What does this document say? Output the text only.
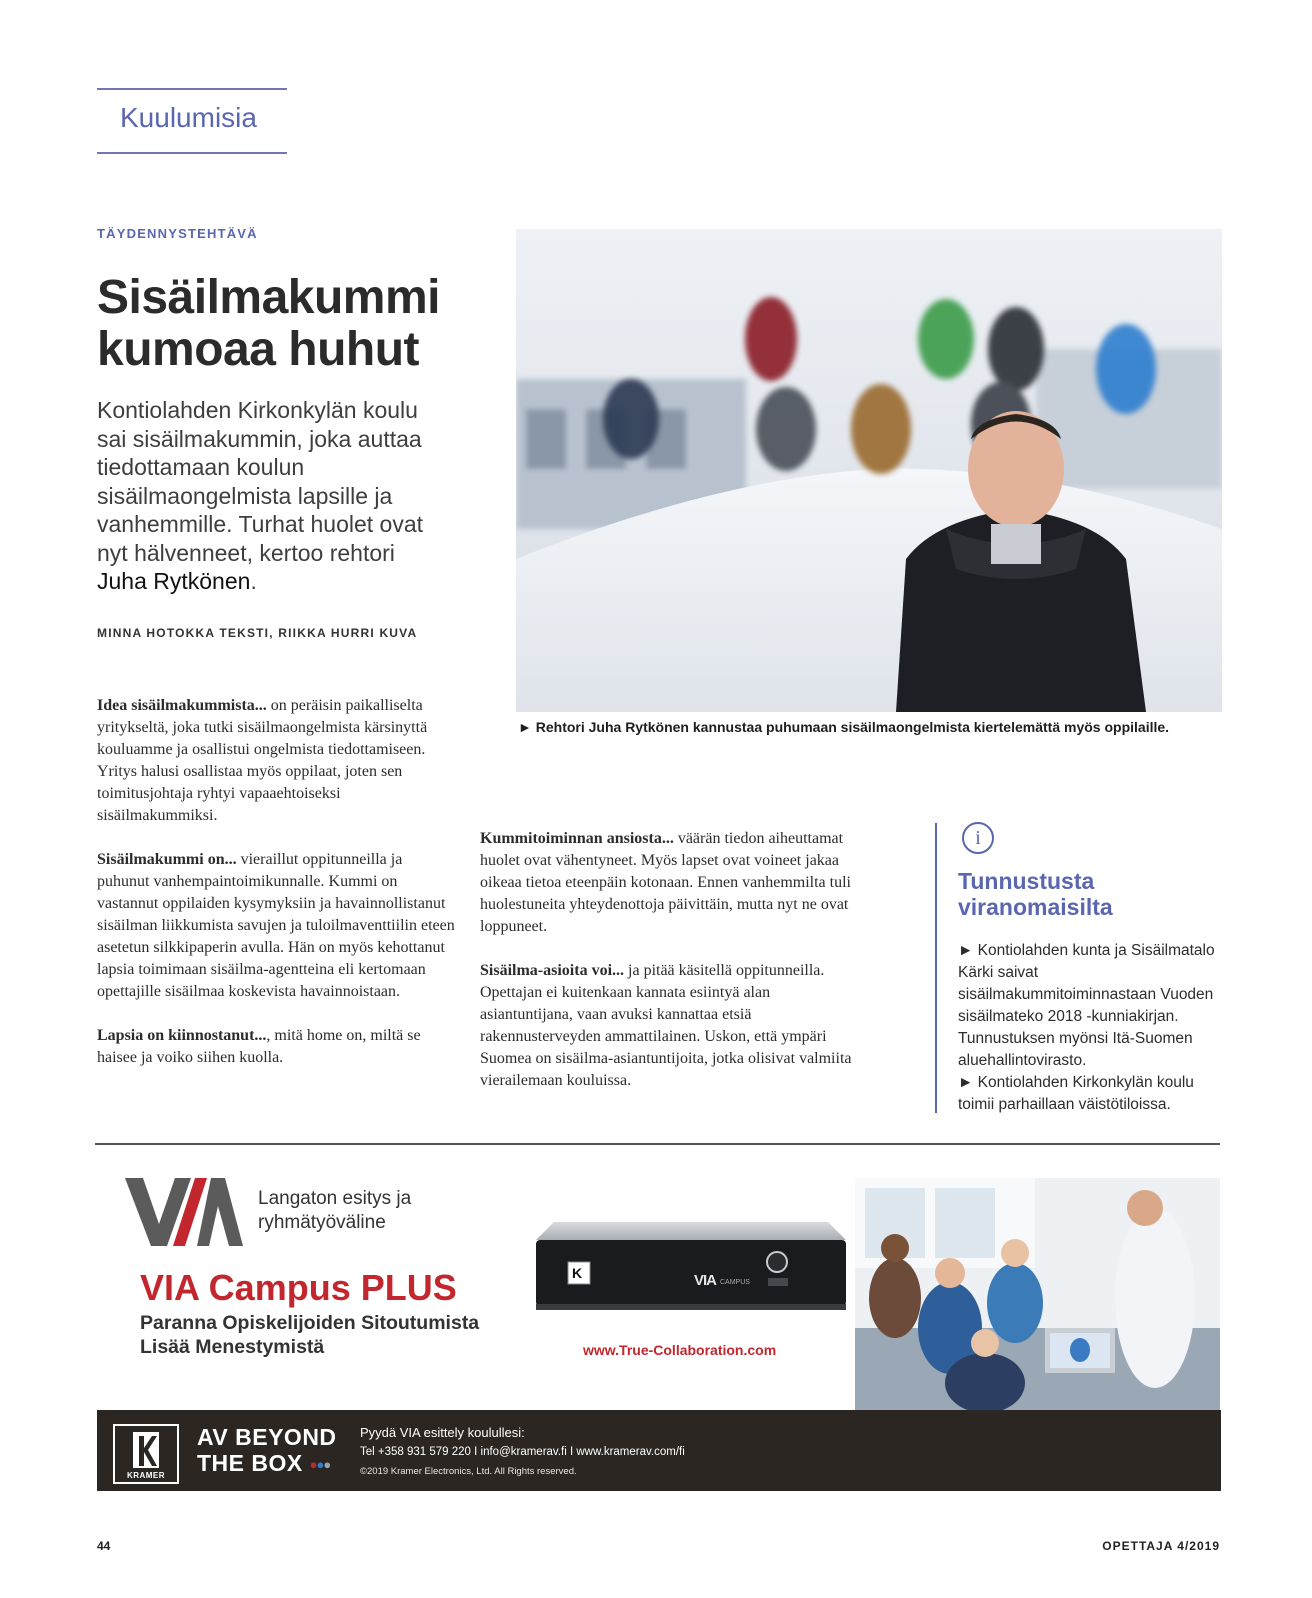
Kuulumisia
TÄYDENNYSTEHTÄVÄ
Sisäilmakummi kumoaa huhut
Kontiolahden Kirkonkylän koulu sai sisäilmakummin, joka auttaa tiedottamaan koulun sisäilmaongelmista lapsille ja vanhemmille. Turhat huolet ovat nyt hälvenneet, kertoo rehtori Juha Rytkönen.
MINNA HOTOKKA TEKSTI, RIIKKA HURRI KUVA
► Rehtori Juha Rytkönen kannustaa puhumaan sisäilmaongelmista kiertelemättä myös oppilaille.

Idea sisäilmakummista... on peräisin paikalliselta yritykseltä, joka tutki sisäilmaongelmista kärsinyttä kouluamme ja osallistui ongelmista tiedottamiseen. Yritys halusi osallistaa myös oppilaat, joten sen toimitusjohtaja ryhtyi vapaaehtoiseksi sisäilmakummiksi.

Sisäilmakummi on... vieraillut oppitunneilla ja puhunut vanhempaintoimikunnalle. Kummi on vastannut oppilaiden kysymyksiin ja havainnollistanut sisäilman liikkumista savujen ja tuloilmaventtiilin eteen asetetun silkkipaperin avulla. Hän on myös kehottanut lapsia toimimaan sisäilma-agentteina eli kertomaan opettajille sisäilmaa koskevista havainnoistaan.

Lapsia on kiinnostanut..., mitä home on, miltä se haisee ja voiko siihen kuolla.

Kummitoiminnan ansiosta... väärän tiedon aiheuttamat huolet ovat vähentyneet. Myös lapset ovat voineet jakaa oikeaa tietoa eteenpäin kotonaan. Ennen vanhemmilta tuli huolestuneita yhteydenottoja päivittäin, mutta nyt ne ovat loppuneet.

Sisäilma-asioita voi... ja pitää käsitellä oppitunneilla. Opettajan ei kuitenkaan kannata esiintyä alan asiantuntijana, vaan avuksi kannattaa etsiä rakennusterveyden ammattilainen. Uskon, että ympäri Suomea on sisäilma-asiantuntijoita, jotka olisivat valmiita vierailemaan kouluissa.

i
Tunnustusta viranomaisilta

► Kontiolahden kunta ja Sisäilmatalo Kärki saivat sisäilmakummitoiminnastaan Vuoden sisäilmateko 2018 -kunniakirjan. Tunnustuksen myönsi Itä-Suomen aluehallintovirasto.

► Kontiolahden Kirkonkylän koulu toimii parhaillaan väistötiloissa.

Langaton esitys ja
ryhmätyöväline
VIA Campus PLUS
Paranna Opiskelijoiden Sitoutumista
Lisää Menestymistä
K	VIA CAMPUS
www.True-Collaboration.com
KRAMER
AV BEYOND
THE BOX ●●●
Pyydä VIA esittely koulullesi:
Tel +358 931 579 220 I info@kramerav.fi I www.kramerav.com/fi
©2019 Kramer Electronics, Ltd. All Rights reserved.
44	OPETTAJA 4/2019
